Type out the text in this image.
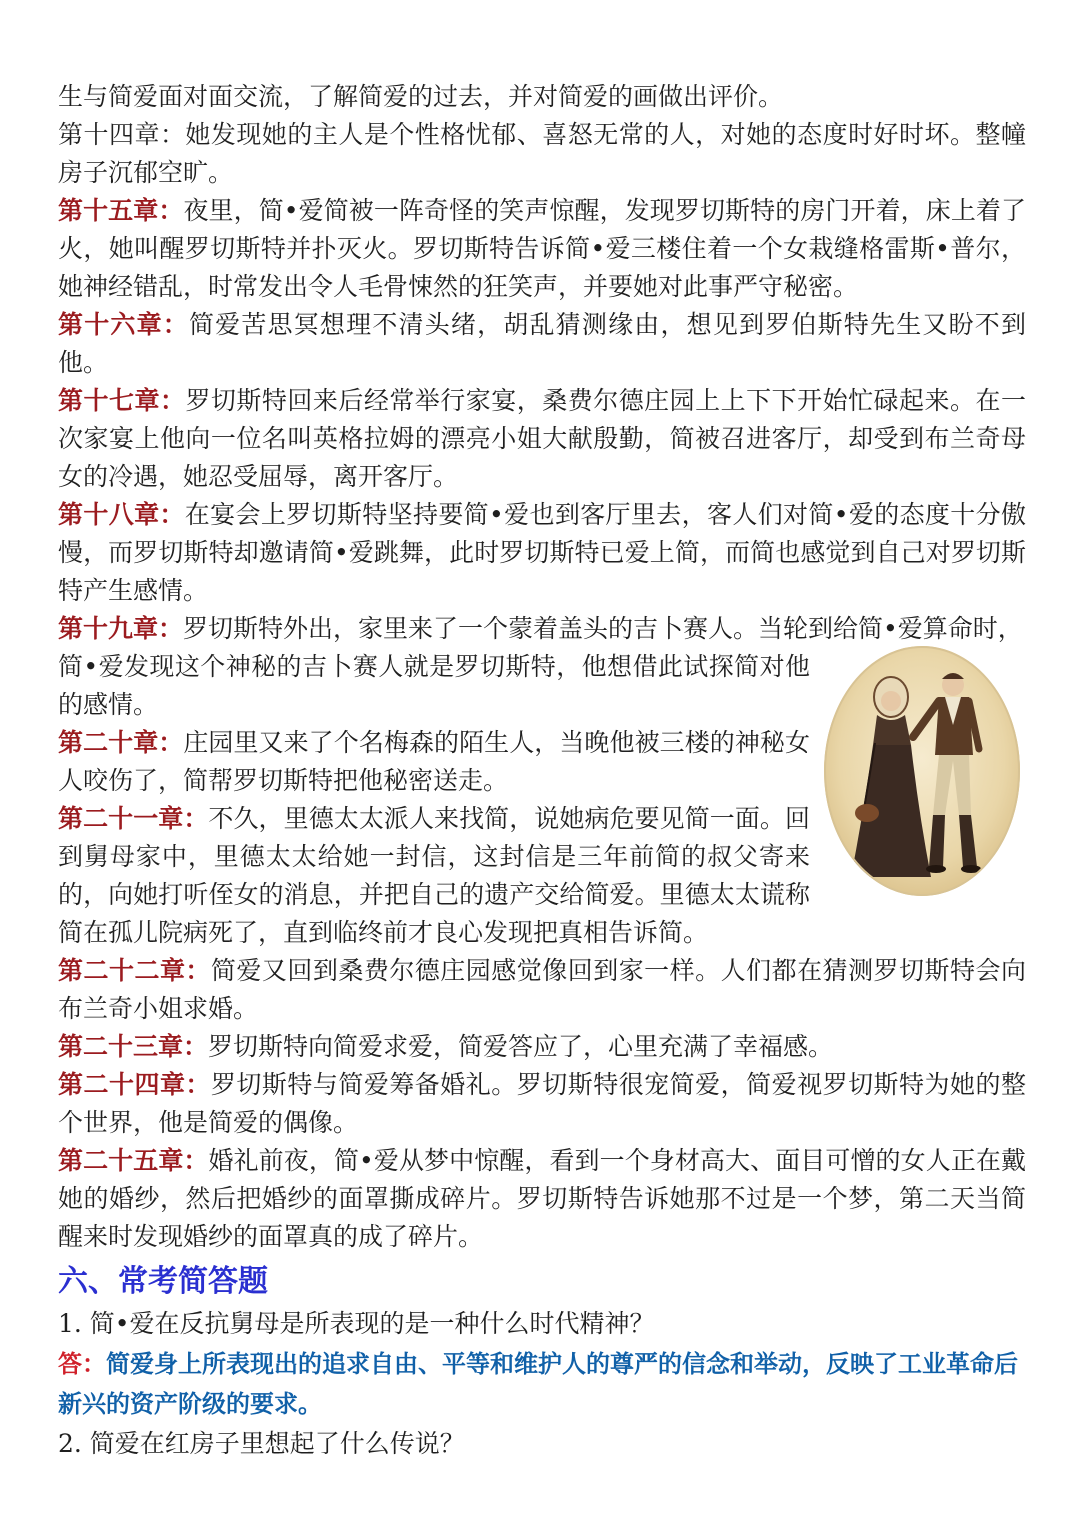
生与简爱面对面交流，了解简爱的过去，并对简爱的画做出评价。

第十四章：她发现她的主人是个性格忧郁、喜怒无常的人，对她的态度时好时坏。整幢房子沉郁空旷。

第十五章：夜里，简•爱简被一阵奇怪的笑声惊醒，发现罗切斯特的房门开着，床上着了火，她叫醒罗切斯特并扑灭火。罗切斯特告诉简•爱三楼住着一个女栽缝格雷斯•普尔，她神经错乱，时常发出令人毛骨悚然的狂笑声，并要她对此事严守秘密。

第十六章：简爱苦思冥想理不清头绪，胡乱猜测缘由，想见到罗伯斯特先生又盼不到他。

第十七章：罗切斯特回来后经常举行家宴，桑费尔德庄园上上下下开始忙碌起来。在一次家宴上他向一位名叫英格拉姆的漂亮小姐大献殷勤，简被召进客厅，却受到布兰奇母女的冷遇，她忍受屈辱，离开客厅。

第十八章：在宴会上罗切斯特坚持要简•爱也到客厅里去，客人们对简•爱的态度十分傲慢，而罗切斯特却邀请简•爱跳舞，此时罗切斯特已爱上简，而简也感觉到自己对罗切斯特产生感情。

第十九章：罗切斯特外出，家里来了一个蒙着盖头的吉卜赛人。当轮到给简•爱算命时，

简•爱发现这个神秘的吉卜赛人就是罗切斯特，他想借此试探简对他的感情。

第二十章：庄园里又来了个名梅森的陌生人，当晚他被三楼的神秘女人咬伤了，简帮罗切斯特把他秘密送走。

第二十一章：不久，里德太太派人来找简，说她病危要见简一面。回到舅母家中，里德太太给她一封信，这封信是三年前简的叔父寄来的，向她打听侄女的消息，并把自己的遗产交给简爱。里德太太谎称简在孤儿院病死了，直到临终前才良心发现把真相告诉简。

第二十二章：简爱又回到桑费尔德庄园感觉像回到家一样。人们都在猜测罗切斯特会向布兰奇小姐求婚。

第二十三章：罗切斯特向简爱求爱，简爱答应了，心里充满了幸福感。

第二十四章：罗切斯特与简爱筹备婚礼。罗切斯特很宠简爱，简爱视罗切斯特为她的整个世界，他是简爱的偶像。

第二十五章：婚礼前夜，简•爱从梦中惊醒，看到一个身材高大、面目可憎的女人正在戴她的婚纱，然后把婚纱的面罩撕成碎片。罗切斯特告诉她那不过是一个梦，第二天当简醒来时发现婚纱的面罩真的成了碎片。

六、常考简答题

1. 简•爱在反抗舅母是所表现的是一种什么时代精神？

答：简爱身上所表现出的追求自由、平等和维护人的尊严的信念和举动，反映了工业革命后新兴的资产阶级的要求。

2. 简爱在红房子里想起了什么传说？
